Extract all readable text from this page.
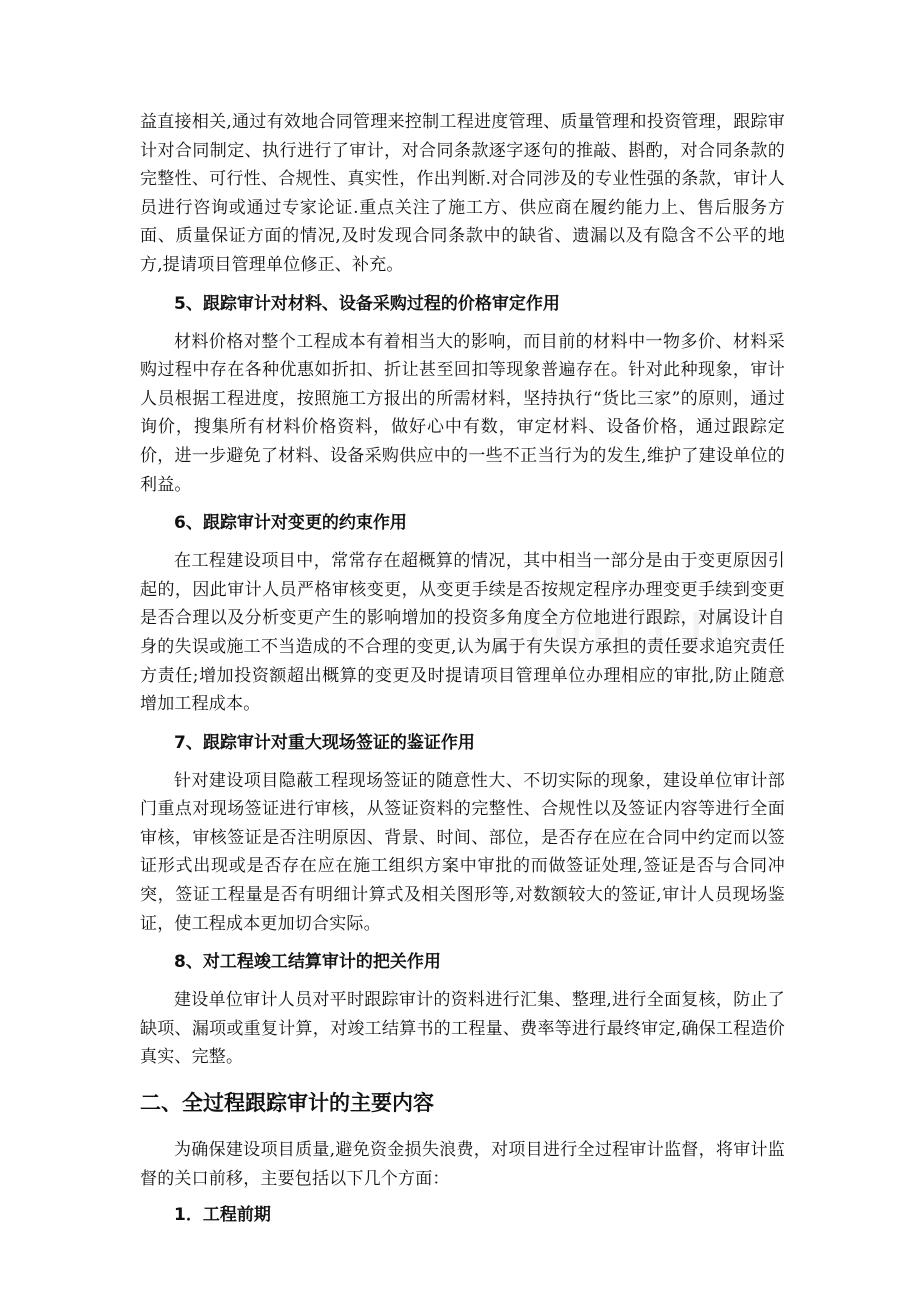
益直接相关,通过有效地合同管理来控制工程进度管理、质量管理和投资管理，跟踪审计对合同制定、执行进行了审计，对合同条款逐字逐句的推敲、斟酌，对合同条款的完整性、可行性、合规性、真实性，作出判断.对合同涉及的专业性强的条款，审计人员进行咨询或通过专家论证.重点关注了施工方、供应商在履约能力上、售后服务方面、质量保证方面的情况,及时发现合同条款中的缺省、遗漏以及有隐含不公平的地方,提请项目管理单位修正、补充。

5、跟踪审计对材料、设备采购过程的价格审定作用

材料价格对整个工程成本有着相当大的影响，而目前的材料中一物多价、材料采购过程中存在各种优惠如折扣、折让甚至回扣等现象普遍存在。针对此种现象，审计人员根据工程进度，按照施工方报出的所需材料，坚持执行“货比三家”的原则，通过询价，搜集所有材料价格资料，做好心中有数，审定材料、设备价格，通过跟踪定价，进一步避免了材料、设备采购供应中的一些不正当行为的发生,维护了建设单位的利益。

6、跟踪审计对变更的约束作用

在工程建设项目中，常常存在超概算的情况，其中相当一部分是由于变更原因引起的，因此审计人员严格审核变更，从变更手续是否按规定程序办理变更手续到变更是否合理以及分析变更产生的影响增加的投资多角度全方位地进行跟踪，对属设计自身的失误或施工不当造成的不合理的变更,认为属于有失误方承担的责任要求追究责任方责任;增加投资额超出概算的变更及时提请项目管理单位办理相应的审批,防止随意增加工程成本。

7、跟踪审计对重大现场签证的鉴证作用

针对建设项目隐蔽工程现场签证的随意性大、不切实际的现象，建设单位审计部门重点对现场签证进行审核，从签证资料的完整性、合规性以及签证内容等进行全面审核，审核签证是否注明原因、背景、时间、部位，是否存在应在合同中约定而以签证形式出现或是否存在应在施工组织方案中审批的而做签证处理,签证是否与合同冲突，签证工程量是否有明细计算式及相关图形等,对数额较大的签证,审计人员现场鉴证，使工程成本更加切合实际。

8、对工程竣工结算审计的把关作用

建设单位审计人员对平时跟踪审计的资料进行汇集、整理,进行全面复核，防止了缺项、漏项或重复计算，对竣工结算书的工程量、费率等进行最终审定,确保工程造价真实、完整。

二、全过程跟踪审计的主要内容

为确保建设项目质量,避免资金损失浪费，对项目进行全过程审计监督，将审计监督的关口前移，主要包括以下几个方面：

1．工程前期
